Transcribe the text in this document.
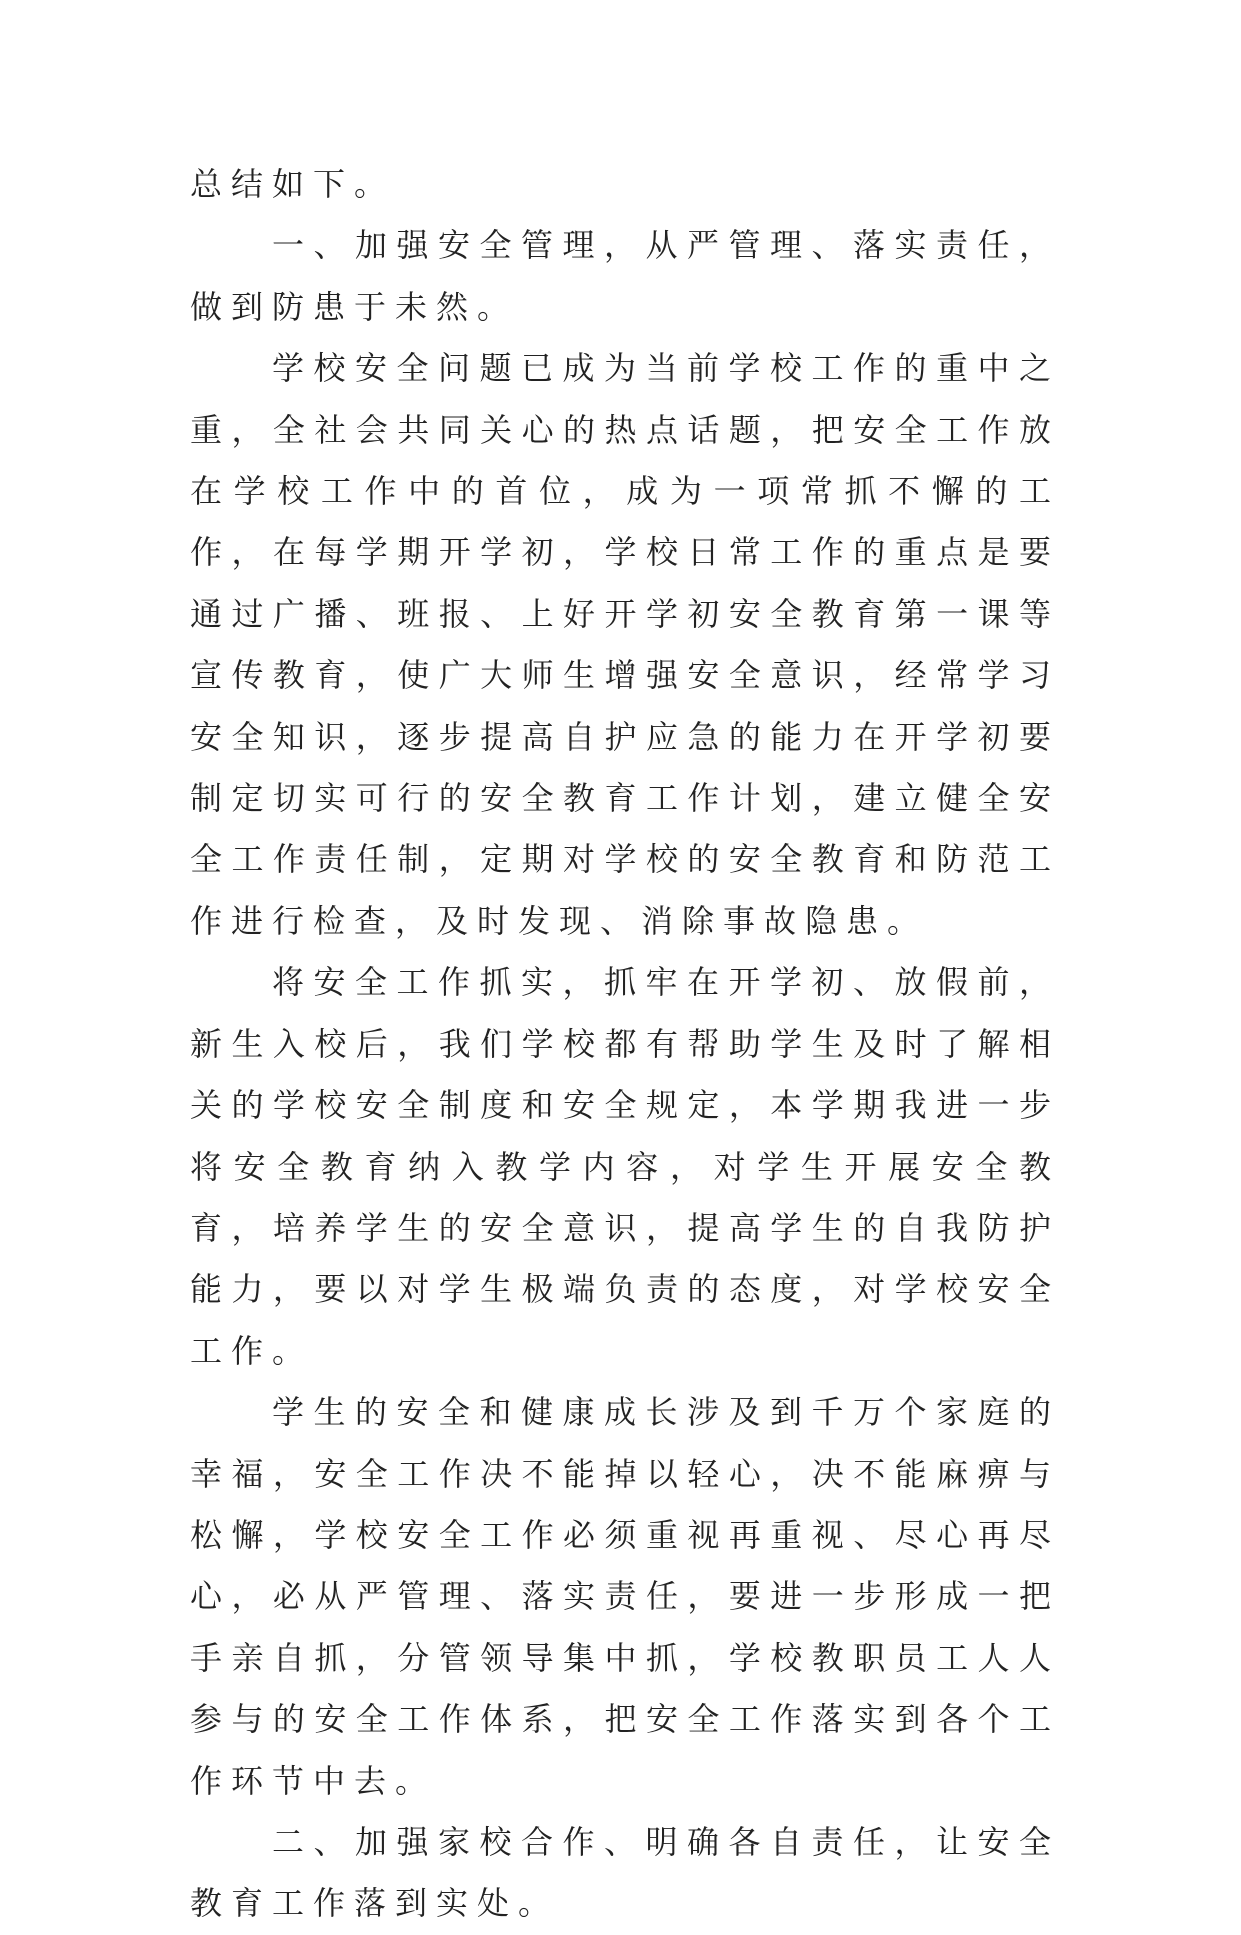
总结如下。

一、加强安全管理，从严管理、落实责任，做到防患于未然。

学校安全问题已成为当前学校工作的重中之重，全社会共同关心的热点话题，把安全工作放在学校工作中的首位，成为一项常抓不懈的工作，在每学期开学初，学校日常工作的重点是要通过广播、班报、上好开学初安全教育第一课等宣传教育，使广大师生增强安全意识，经常学习安全知识，逐步提高自护应急的能力在开学初要制定切实可行的安全教育工作计划，建立健全安全工作责任制，定期对学校的安全教育和防范工作进行检查，及时发现、消除事故隐患。

将安全工作抓实，抓牢在开学初、放假前，新生入校后，我们学校都有帮助学生及时了解相关的学校安全制度和安全规定，本学期我进一步将安全教育纳入教学内容，对学生开展安全教育，培养学生的安全意识，提高学生的自我防护能力，要以对学生极端负责的态度，对学校安全工作。

学生的安全和健康成长涉及到千万个家庭的幸福，安全工作决不能掉以轻心，决不能麻痹与松懈，学校安全工作必须重视再重视、尽心再尽心，必从严管理、落实责任，要进一步形成一把手亲自抓，分管领导集中抓，学校教职员工人人参与的安全工作体系，把安全工作落实到各个工作环节中去。

二、加强家校合作、明确各自责任，让安全教育工作落到实处。
